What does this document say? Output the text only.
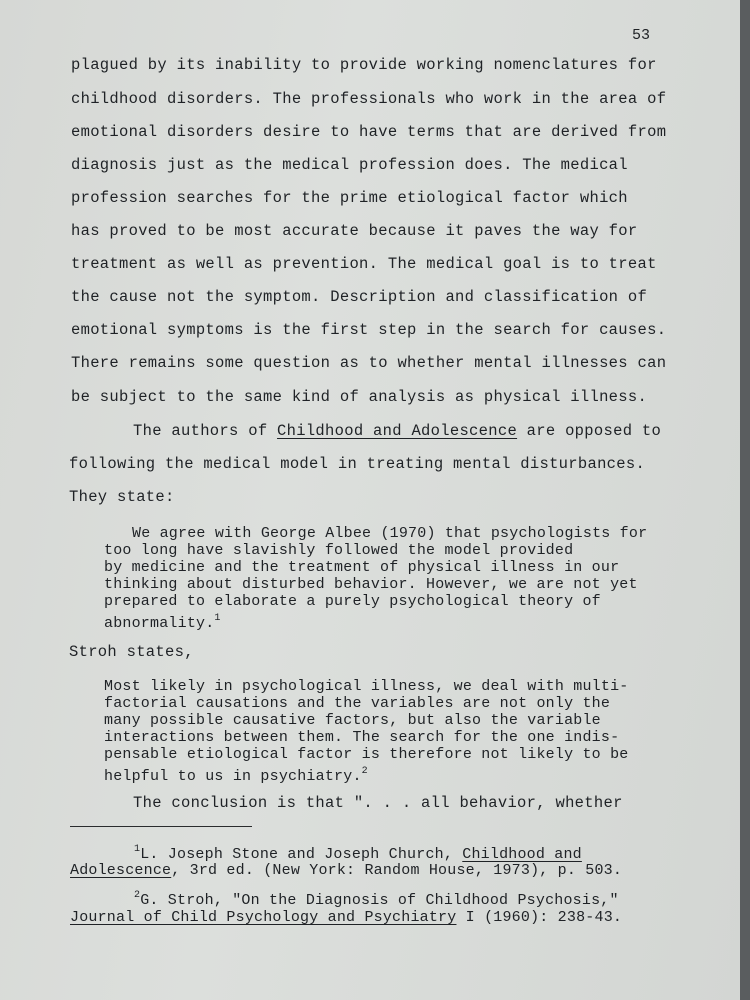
53
plagued by its inability to provide working nomenclatures for
childhood disorders. The professionals who work in the area of
emotional disorders desire to have terms that are derived from
diagnosis just as the medical profession does. The medical
profession searches for the prime etiological factor which
has proved to be most accurate because it paves the way for
treatment as well as prevention. The medical goal is to treat
the cause not the symptom. Description and classification of
emotional symptoms is the first step in the search for causes.
There remains some question as to whether mental illnesses can
be subject to the same kind of analysis as physical illness.
The authors of Childhood and Adolescence are opposed to
following the medical model in treating mental disturbances.
They state:
We agree with George Albee (1970) that psychologists for
too long have slavishly followed the model provided
by medicine and the treatment of physical illness in our
thinking about disturbed behavior. However, we are not yet
prepared to elaborate a purely psychological theory of
abnormality.$^1$
Stroh states,
Most likely in psychological illness, we deal with multi-
factorial causations and the variables are not only the
many possible causative factors, but also the variable
interactions between them. The search for the one indis-
pensable etiological factor is therefore not likely to be
helpful to us in psychiatry.$^2$
The conclusion is that ". . . all behavior, whether
$^1$L. Joseph Stone and Joseph Church, Childhood and
Adolescence, 3rd ed. (New York: Random House, 1973), p. 503.
$^2$G. Stroh, "On the Diagnosis of Childhood Psychosis,"
Journal of Child Psychology and Psychiatry I (1960): 238-43.
